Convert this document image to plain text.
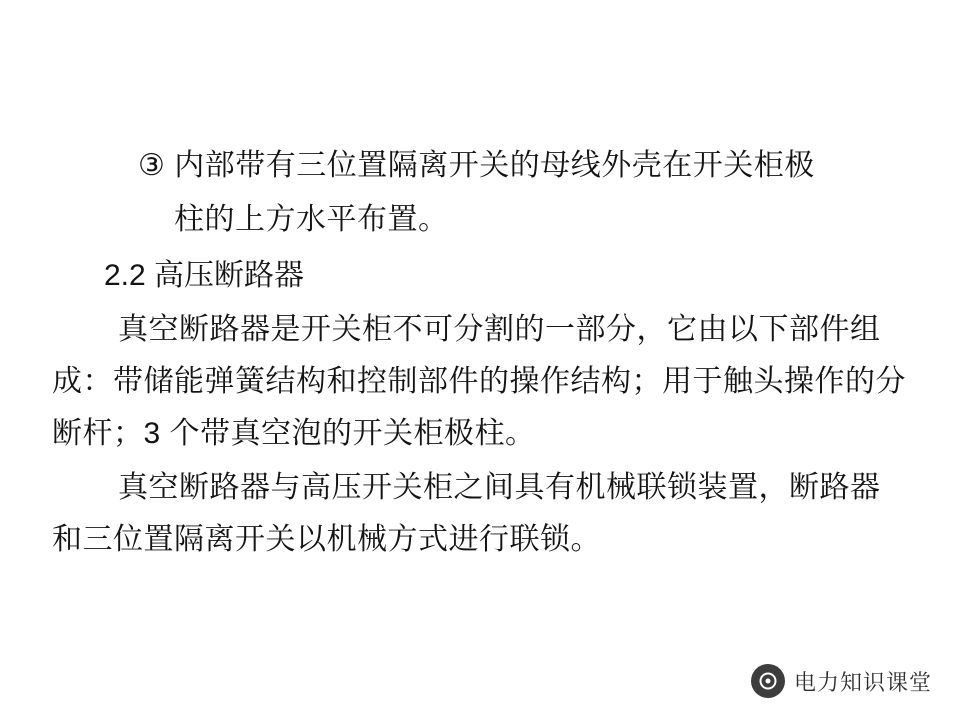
③ 内部带有三位置隔离开关的母线外壳在开关柜极

柱的上方水平布置。

2.2 高压断路器

真空断路器是开关柜不可分割的一部分，它由以下部件组成：带储能弹簧结构和控制部件的操作结构；用于触头操作的分断杆；3 个带真空泡的开关柜极柱。

真空断路器与高压开关柜之间具有机械联锁装置，断路器和三位置隔离开关以机械方式进行联锁。

电力知识课堂
